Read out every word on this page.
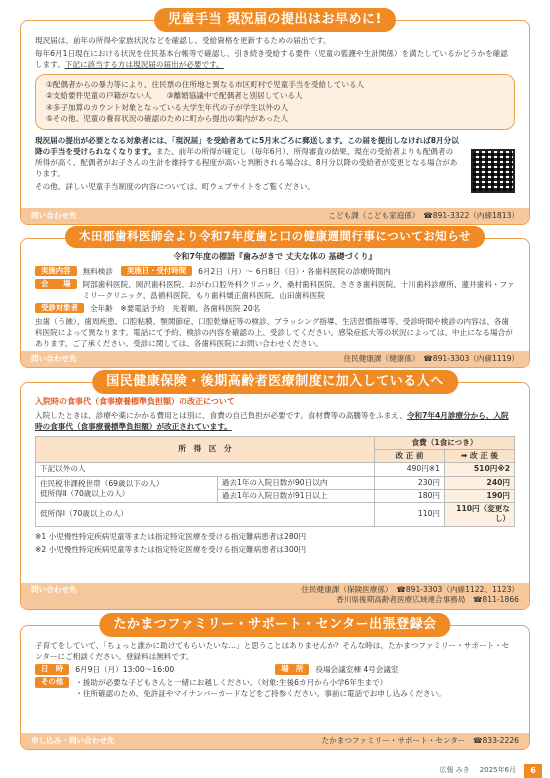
児童手当 現況届の提出はお早めに!
現況届は、前年の所得や家族状況などを確認し、受給資格を更新するための届出です。
毎年6月1日現在における状況を住民基本台帳等で確認し、引き続き受給する要件（児童の監護や生計関係）を満たしているかどうかを確認します。下記に該当する方は現況届の届出が必要です。
①配偶者からの暴力等により、住民票の住所地と異なる市区町村で児童手当を受給している人
②支給要件児童の戸籍がない人　　③離婚協議中で配偶者と別居している人
④多子加算のカウント対象となっている大学生年代の子が学生以外の人
⑤その他、児童の養育状況の確認のために町から提出の案内があった人
現況届の提出が必要となる対象者には、「現況届」を受給者あてに5月末ごろに郵送します。この届を提出しなければ8月分以降の手当を受けられなくなります。また、前年の所得が確定し（毎年6月）、所得審査の結果、現在の受給者よりも配偶者の所得が高く、配偶者がお子さんの生計を維持する程度が高いと判断される場合は、8月分以降の受給者が変更となる場合があります。
その他、詳しい児童手当制度の内容については、町ウェブサイトをご覧ください。
問い合わせ先	こども課（こども家庭係）　☎891-3322（内線1813）
木田郡歯科医師会より令和7年度歯と口の健康週間行事についてお知らせ
令和7年度の標語『歯みがきで 丈夫な体の 基礎づくり』
実施内容	無料検診	実施日・受付時間	6月2日（月）～ 6月8日（日）・各歯科医院の診療時間内
会　　場	阿部歯科医院、岡沢歯科医院、おがわ口腔外科クリニック、桑村歯科医院、ささき歯科医院、十川歯科診療所、蓮井歯科・ファミリークリニック、畠循科医院、もり歯科矯正歯科医院、山田歯科医院
受診対象者	全年齢　※要電話予約　先着順、各歯科医院 20名
虫歯（う蝕）、歯周疾患、口腔粘膜、顎関節症、口腔乾燥症等の検診、ブラッシング指導、生活習慣指導等、受診時間や検診の内容は、各歯科医院によって異なります。電話にて予約、検診の内容を確認の上、受診してください。感染症拡大等の状況によっては、中止になる場合があります。ご了承ください。受診に関しては、各歯科医院にお問い合わせください。
問い合わせ先	住民健康課（健康係）　☎891-3303（内線1119）
国民健康保険・後期高齢者医療制度に加入している人へ
入院時の食事代（食事療養標準負担額）の改正について
入院したときは、診療や薬にかかる費用とは別に、食費の自己負担が必要です。食材費等の高騰等をふまえ、令和7年4月診療分から、入院時の食事代（食事療養標準負担額）が改正されています。
所　得　区　分		食費（1食につき）	
		改 正 前	➡ 改 正 後
下記以外の人		490円※1	510円※2

住民税非課税世帯（69歳以下の人）
低所得Ⅱ（70歳以上の人）	過去1年の入院日数が90日以内	230円	240円
	過去1年の入院日数が91日以上	180円	190円
低所得Ⅰ（70歳以上の人）		110円	110円（変更なし）
※1 小児慢性特定疾病児童等または指定特定医療を受ける指定難病患者は280円
※2 小児慢性特定疾病児童等または指定特定医療を受ける指定難病患者は300円
問い合わせ先	住民健康課（保険医療係）　☎891-3303（内線1122、1123）
香川県後期高齢者医療広域連合事務局　☎811-1866
たかまつファミリー・サポート・センター出張登録会
子育てをしていて、「ちょっと誰かに助けてもらいたいな…」と思うことはありませんか？そんな時は、たかまつファミリー・サポート・センターにご相談ください。登録料は無料です。
日　時	6月9日（月）13:00～16:00	場　所	役場会議室棟 4号会議室
その他	・援助が必要な子どもさんと一緒にお越しください。（対象:生後6カ月から小学6年生まで）
・住所確認のため、免許証やマイナンバーカードなどをご持参ください。事前に電話でお申し込みください。
申し込み・問い合わせ先	たかまつファミリー・サポート・センター　☎833-2226
広報 みき 2025年6月	6
